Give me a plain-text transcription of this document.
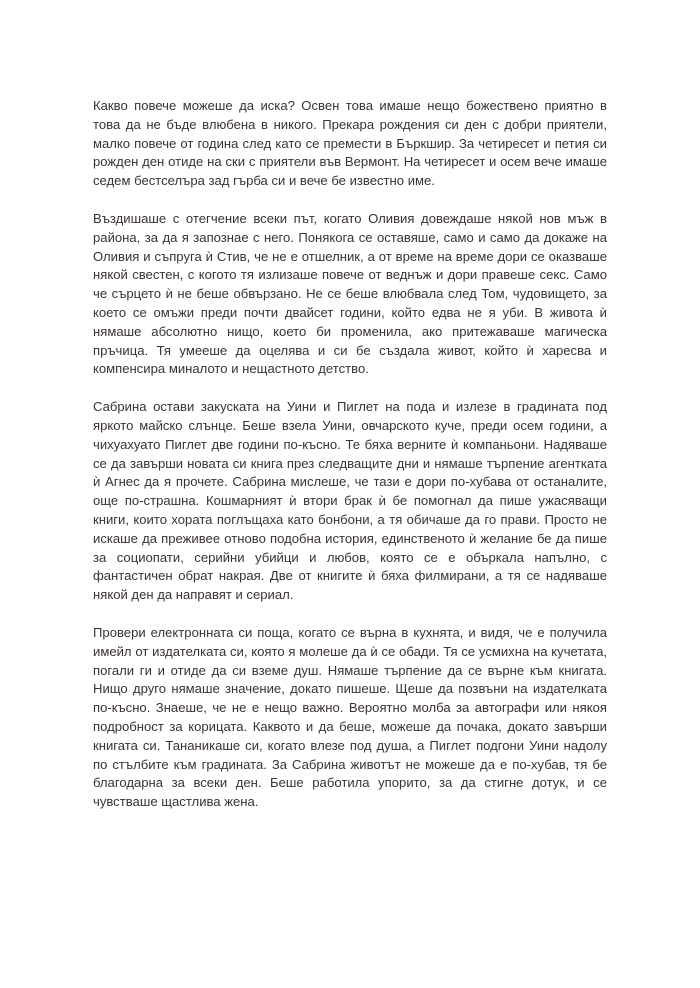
Какво повече можеше да иска? Освен това имаше нещо божествено приятно в това да не бъде влюбена в никого. Прекара рождения си ден с добри приятели, малко повече от година след като се премести в Бъркшир. За четиресет и петия си рожден ден отиде на ски с приятели във Вермонт. На четиресет и осем вече имаше седем бестселъра зад гърба си и вече бе известно име.

Въздишаше с отегчение всеки път, когато Оливия довеждаше някой нов мъж в района, за да я запознае с него. Понякога се оставяше, само и само да докаже на Оливия и съпруга ѝ Стив, че не е отшелник, а от време на време дори се оказваше някой свестен, с когото тя излизаше повече от веднъж и дори правеше секс. Само че сърцето ѝ не беше обвързано. Не се беше влюбвала след Том, чудовището, за което се омъжи преди почти двайсет години, който едва не я уби. В живота ѝ нямаше абсолютно нищо, което би променила, ако притежаваше магическа пръчица. Тя умееше да оцелява и си бе създала живот, който ѝ харесва и компенсира миналото и нещастното детство.

Сабрина остави закуската на Уини и Пиглет на пода и излезе в градината под яркото майско слънце. Беше взела Уини, овчарското куче, преди осем години, а чихуахуато Пиглет две години по-късно. Те бяха верните ѝ компаньони. Надяваше се да завърши новата си книга през следващите дни и нямаше търпение агентката ѝ Агнес да я прочете. Сабрина мислеше, че тази е дори по-хубава от останалите, още по-страшна. Кошмарният ѝ втори брак ѝ бе помогнал да пише ужасяващи книги, които хората поглъщаха като бонбони, а тя обичаше да го прави. Просто не искаше да преживее отново подобна история, единственото ѝ желание бе да пише за социопати, серийни убийци и любов, която се е объркала напълно, с фантастичен обрат накрая. Две от книгите ѝ бяха филмирани, а тя се надяваше някой ден да направят и сериал.

Провери електронната си поща, когато се върна в кухнята, и видя, че е получила имейл от издателката си, която я молеше да ѝ се обади. Тя се усмихна на кучетата, погали ги и отиде да си вземе душ. Нямаше търпение да се върне към книгата. Нищо друго нямаше значение, докато пишеше. Щеше да позвъни на издателката по-късно. Знаеше, че не е нещо важно. Вероятно молба за автографи или някоя подробност за корицата. Каквото и да беше, можеше да почака, докато завърши книгата си. Тананикаше си, когато влезе под душа, а Пиглет подгони Уини надолу по стълбите към градината. За Сабрина животът не можеше да е по-хубав, тя бе благодарна за всеки ден. Беше работила упорито, за да стигне дотук, и се чувстваше щастлива жена.
